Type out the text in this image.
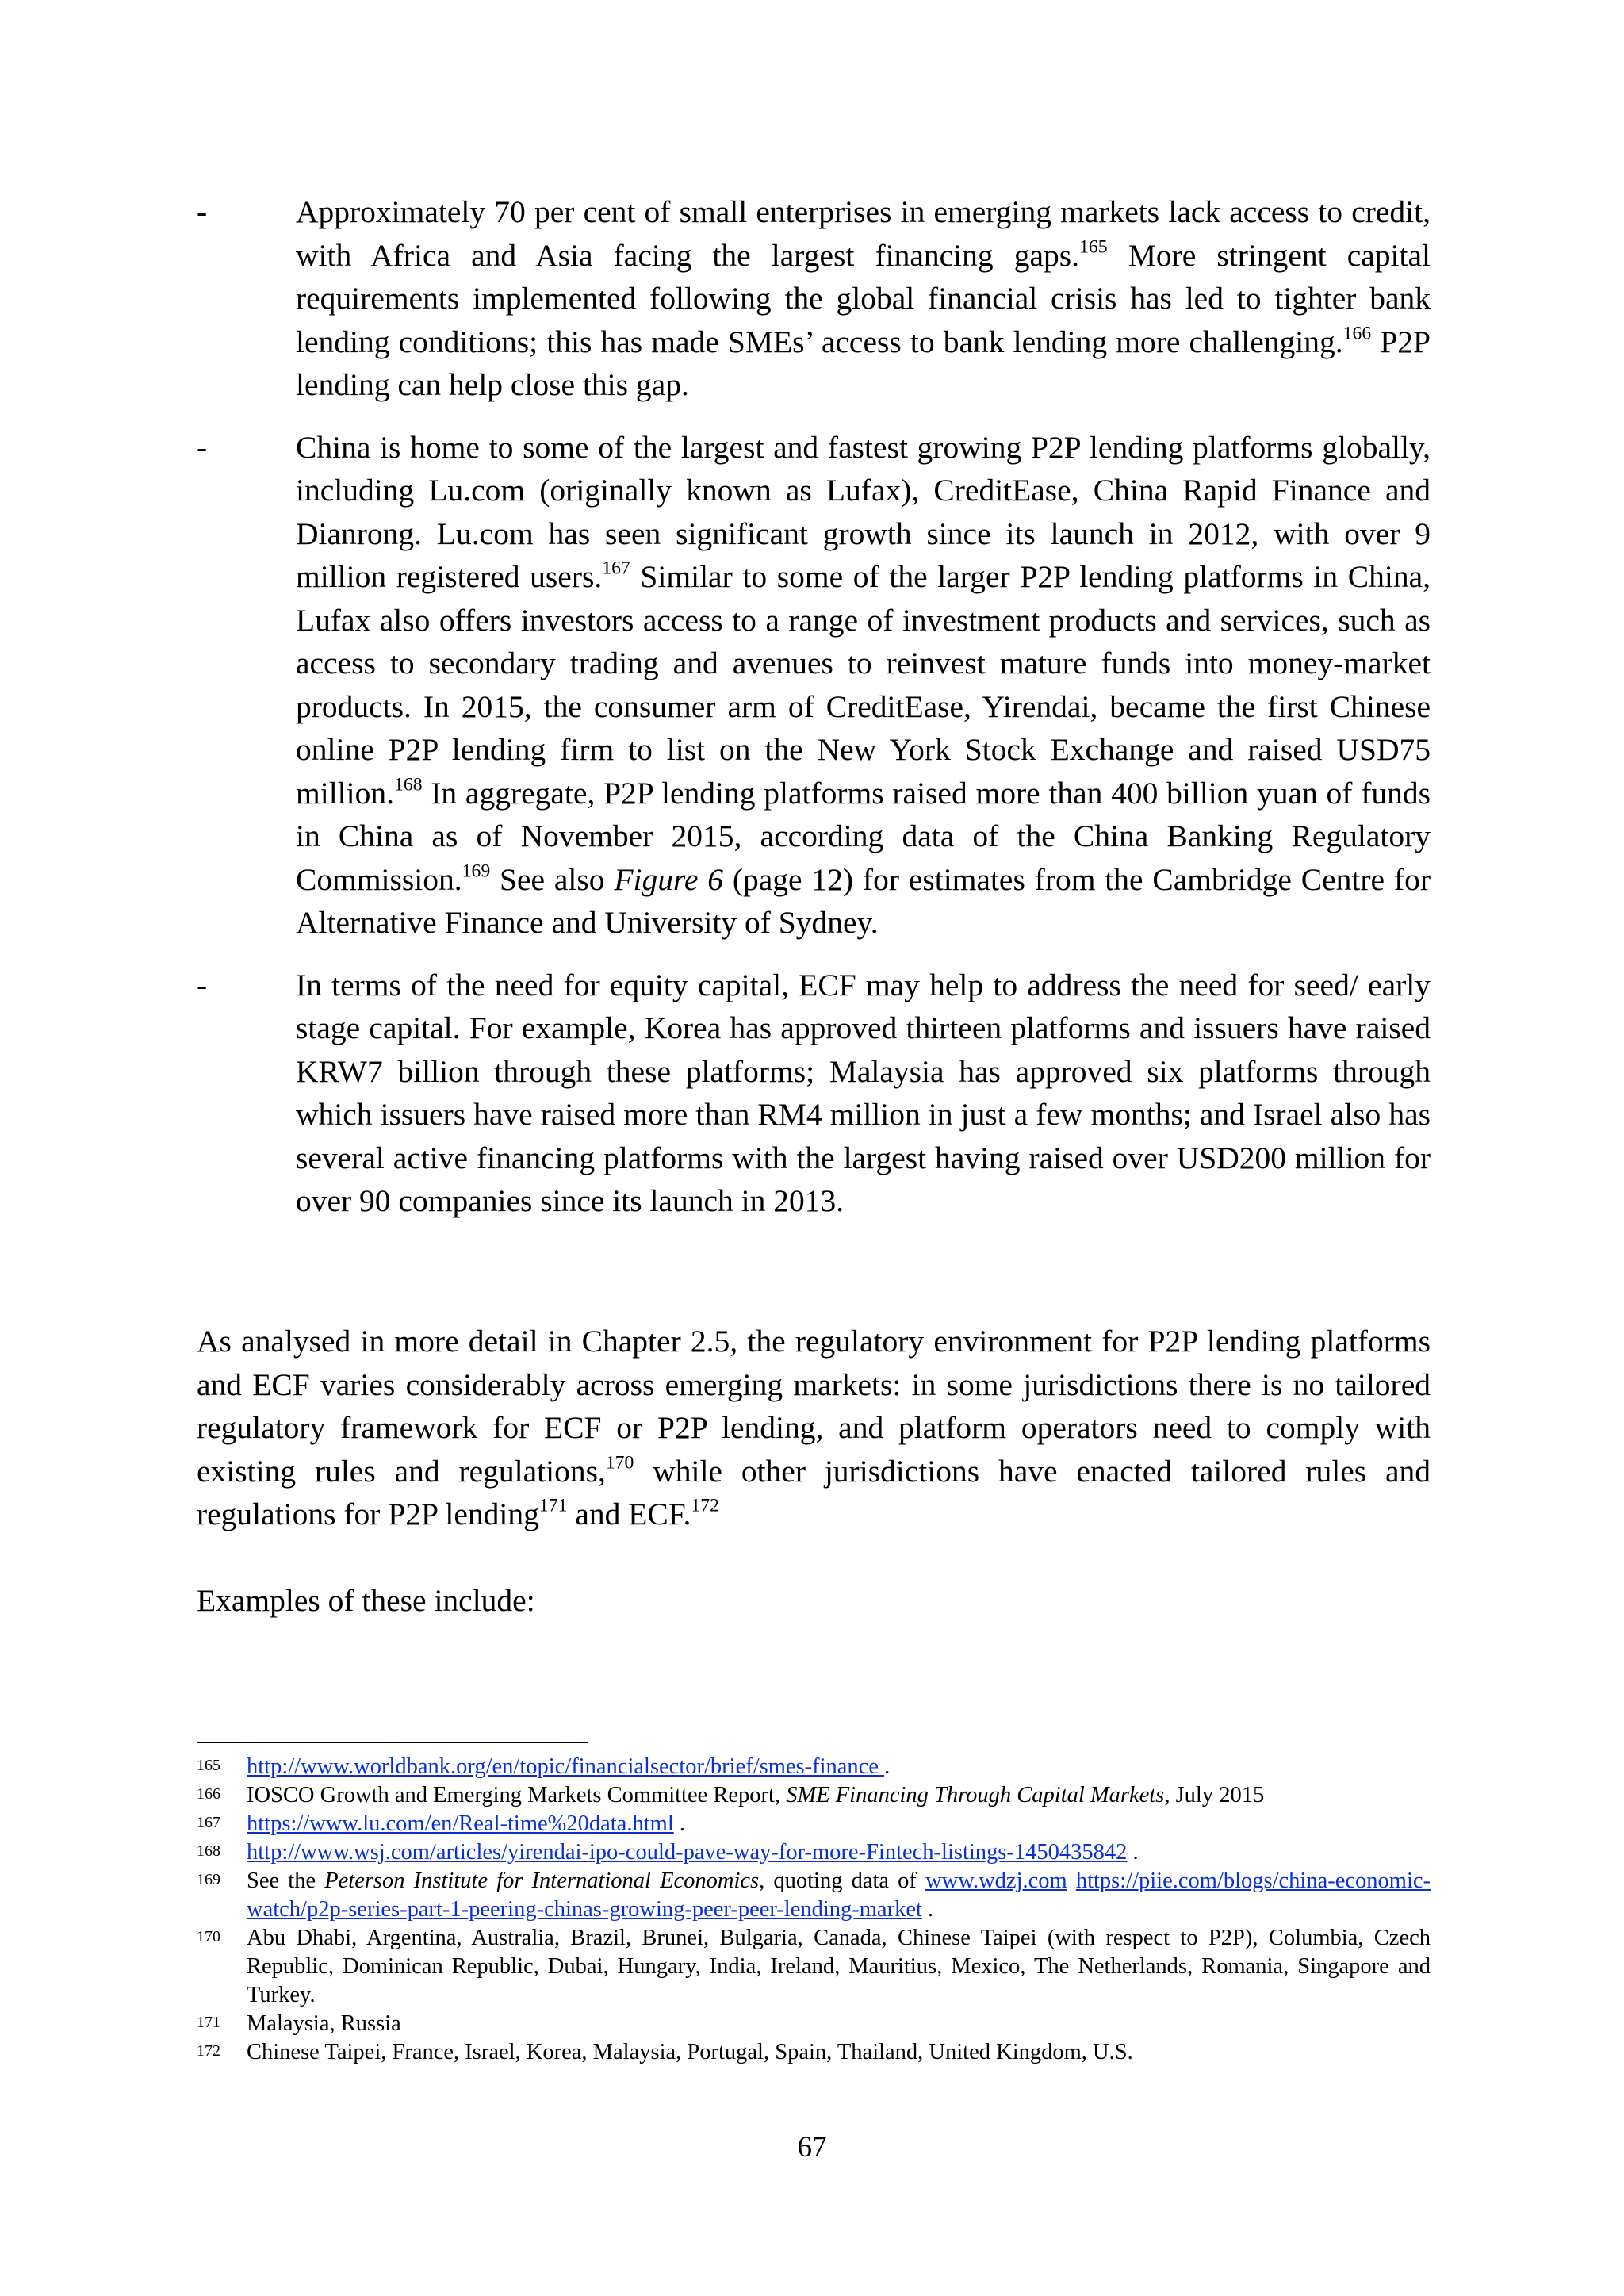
-	Approximately 70 per cent of small enterprises in emerging markets lack access to credit, with Africa and Asia facing the largest financing gaps.$^{165}$ More stringent capital requirements implemented following the global financial crisis has led to tighter bank lending conditions; this has made SMEs’ access to bank lending more challenging.$^{166}$ P2P lending can help close this gap.

-	China is home to some of the largest and fastest growing P2P lending platforms globally, including Lu.com (originally known as Lufax), CreditEase, China Rapid Finance and Dianrong. Lu.com has seen significant growth since its launch in 2012, with over 9 million registered users.$^{167}$ Similar to some of the larger P2P lending platforms in China, Lufax also offers investors access to a range of investment products and services, such as access to secondary trading and avenues to reinvest mature funds into money-market products. In 2015, the consumer arm of CreditEase, Yirendai, became the first Chinese online P2P lending firm to list on the New York Stock Exchange and raised USD75 million.$^{168}$ In aggregate, P2P lending platforms raised more than 400 billion yuan of funds in China as of November 2015, according data of the China Banking Regulatory Commission.$^{169}$ See also Figure 6 (page 12) for estimates from the Cambridge Centre for Alternative Finance and University of Sydney.

-	In terms of the need for equity capital, ECF may help to address the need for seed/ early stage capital. For example, Korea has approved thirteen platforms and issuers have raised KRW7 billion through these platforms; Malaysia has approved six platforms through which issuers have raised more than RM4 million in just a few months; and Israel also has several active financing platforms with the largest having raised over USD200 million for over 90 companies since its launch in 2013.

As analysed in more detail in Chapter 2.5, the regulatory environment for P2P lending platforms and ECF varies considerably across emerging markets: in some jurisdictions there is no tailored regulatory framework for ECF or P2P lending, and platform operators need to comply with existing rules and regulations,$^{170}$ while other jurisdictions have enacted tailored rules and regulations for P2P lending$^{171}$ and ECF.$^{172}$

Examples of these include:
165 http://www.worldbank.org/en/topic/financialsector/brief/smes-finance .
166 IOSCO Growth and Emerging Markets Committee Report, SME Financing Through Capital Markets, July 2015
167 https://www.lu.com/en/Real-time%20data.html .
168 http://www.wsj.com/articles/yirendai-ipo-could-pave-way-for-more-Fintech-listings-1450435842 .
169 See the Peterson Institute for International Economics, quoting data of www.wdzj.com https://piie.com/blogs/china-economic-watch/p2p-series-part-1-peering-chinas-growing-peer-peer-lending-market .
170 Abu Dhabi, Argentina, Australia, Brazil, Brunei, Bulgaria, Canada, Chinese Taipei (with respect to P2P), Columbia, Czech Republic, Dominican Republic, Dubai, Hungary, India, Ireland, Mauritius, Mexico, The Netherlands, Romania, Singapore and Turkey.
171 Malaysia, Russia
172 Chinese Taipei, France, Israel, Korea, Malaysia, Portugal, Spain, Thailand, United Kingdom, U.S.
67
